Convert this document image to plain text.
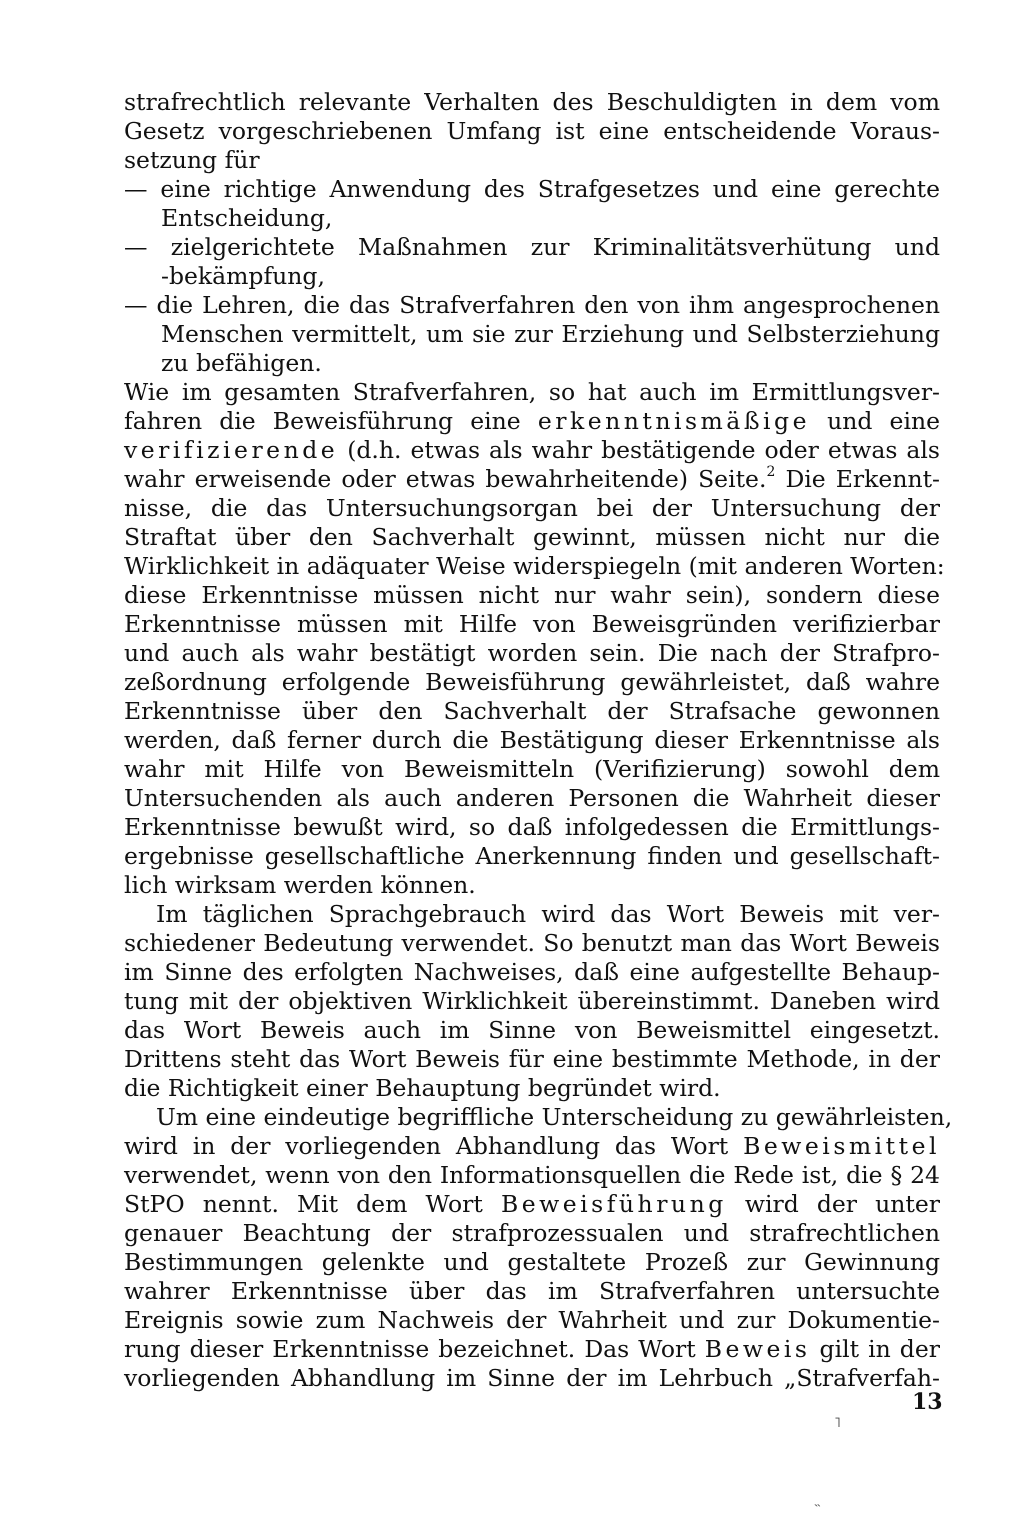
strafrechtlich relevante Verhalten des Beschuldigten in dem vom
Gesetz vorgeschriebenen Umfang ist eine entscheidende Voraus-
setzung für
— eine richtige Anwendung des Strafgesetzes und eine gerechte
Entscheidung,
— zielgerichtete Maßnahmen zur Kriminalitätsverhütung und
-bekämpfung,
— die Lehren, die das Strafverfahren den von ihm angesprochenen
Menschen vermittelt, um sie zur Erziehung und Selbsterziehung
zu befähigen.
Wie im gesamten Strafverfahren, so hat auch im Ermittlungsver-
fahren die Beweisführung eine erkenntnismäßige und eine
verifizierende (d.h. etwas als wahr bestätigende oder etwas als
wahr erweisende oder etwas bewahrheitende) Seite.$^2$ Die Erkennt-
nisse, die das Untersuchungsorgan bei der Untersuchung der
Straftat über den Sachverhalt gewinnt, müssen nicht nur die
Wirklichkeit in adäquater Weise widerspiegeln (mit anderen Worten:
diese Erkenntnisse müssen nicht nur wahr sein), sondern diese
Erkenntnisse müssen mit Hilfe von Beweisgründen verifizierbar
und auch als wahr bestätigt worden sein. Die nach der Strafpro-
zeßordnung erfolgende Beweisführung gewährleistet, daß wahre
Erkenntnisse über den Sachverhalt der Strafsache gewonnen
werden, daß ferner durch die Bestätigung dieser Erkenntnisse als
wahr mit Hilfe von Beweismitteln (Verifizierung) sowohl dem
Untersuchenden als auch anderen Personen die Wahrheit dieser
Erkenntnisse bewußt wird, so daß infolgedessen die Ermittlungs-
ergebnisse gesellschaftliche Anerkennung finden und gesellschaft-
lich wirksam werden können.
Im täglichen Sprachgebrauch wird das Wort Beweis mit ver-
schiedener Bedeutung verwendet. So benutzt man das Wort Beweis
im Sinne des erfolgten Nachweises, daß eine aufgestellte Behaup-
tung mit der objektiven Wirklichkeit übereinstimmt. Daneben wird
das Wort Beweis auch im Sinne von Beweismittel eingesetzt.
Drittens steht das Wort Beweis für eine bestimmte Methode, in der
die Richtigkeit einer Behauptung begründet wird.
Um eine eindeutige begriffliche Unterscheidung zu gewährleisten,
wird in der vorliegenden Abhandlung das Wort Beweismittel
verwendet, wenn von den Informationsquellen die Rede ist, die § 24
StPO nennt. Mit dem Wort Beweisführung wird der unter
genauer Beachtung der strafprozessualen und strafrechtlichen
Bestimmungen gelenkte und gestaltete Prozeß zur Gewinnung
wahrer Erkenntnisse über das im Strafverfahren untersuchte
Ereignis sowie zum Nachweis der Wahrheit und zur Dokumentie-
rung dieser Erkenntnisse bezeichnet. Das Wort Beweis gilt in der
vorliegenden Abhandlung im Sinne der im Lehrbuch „Strafverfah-
13
˥
˵
